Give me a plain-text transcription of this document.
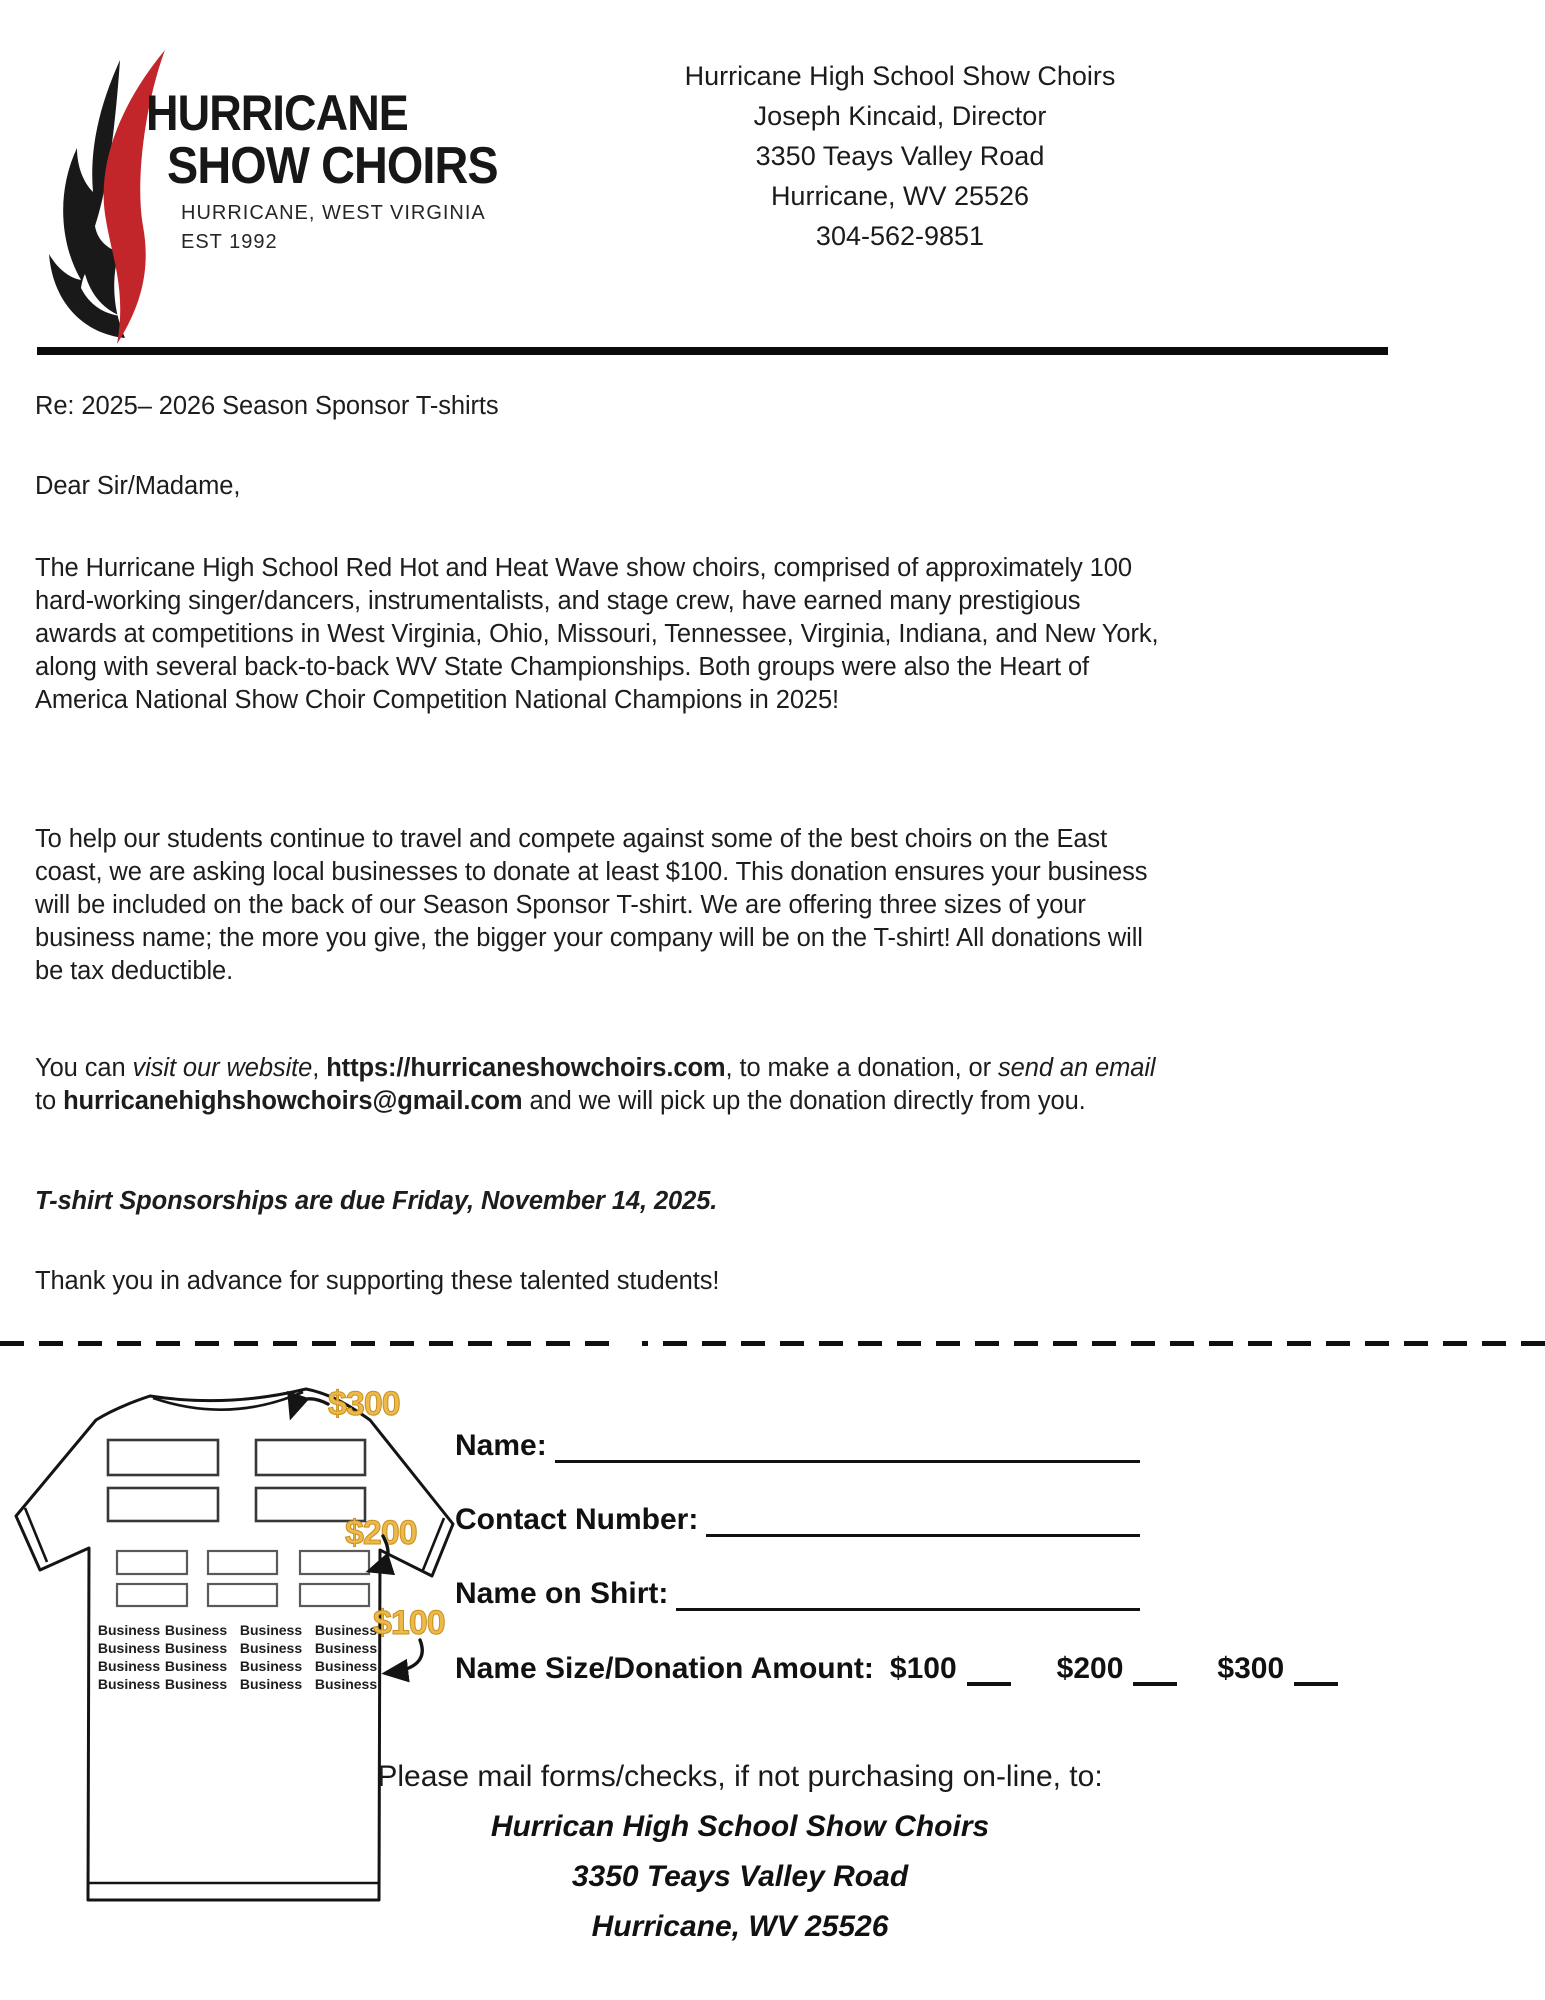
HURRICANE
SHOW CHOIRS
HURRICANE, WEST VIRGINIA
EST 1992
Hurricane High School Show Choirs
Joseph Kincaid, Director
3350 Teays Valley Road
Hurricane, WV 25526
304-562-9851

Re: 2025– 2026 Season Sponsor T-shirts

Dear Sir/Madame,

The Hurricane High School Red Hot and Heat Wave show choirs, comprised of approximately 100 hard-working singer/dancers, instrumentalists, and stage crew, have earned many prestigious awards at competitions in West Virginia, Ohio, Missouri, Tennessee, Virginia, Indiana, and New York, along with several back-to-back WV State Championships. Both groups were also the Heart of America National Show Choir Competition National Champions in 2025!

To help our students continue to travel and compete against some of the best choirs on the East coast, we are asking local businesses to donate at least $100. This donation ensures your business will be included on the back of our Season Sponsor T-shirt. We are offering three sizes of your business name; the more you give, the bigger your company will be on the T-shirt! All donations will be tax deductible.

You can visit our website, https://hurricaneshowchoirs.com, to make a donation, or send an email to hurricanehighshowchoirs@gmail.com and we will pick up the donation directly from you.

T-shirt Sponsorships are due Friday, November 14, 2025.

Thank you in advance for supporting these talented students!

Business Business Business Business
Business Business Business Business
Business Business Business Business
Business Business Business Business
$300
$200
$100
Name:
Contact Number:
Name on Shirt:
Name Size/Donation Amount: $100	$200	$300

Please mail forms/checks, if not purchasing on-line, to:

Hurrican High School Show Choirs

3350 Teays Valley Road

Hurricane, WV 25526
